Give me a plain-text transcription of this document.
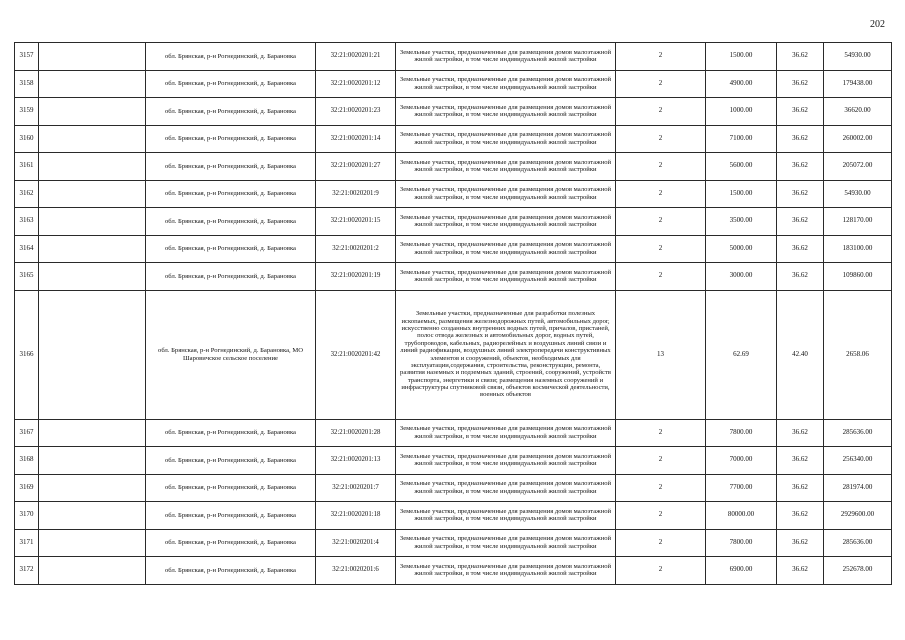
202
3157		обл. Брянская, р-н Рогнединский, д. Барановка	32:21:0020201:21	Земельные участки, предназначенные для размещения домов малоэтажной жилой застройки, в том числе индивидуальной жилой застройки	2	1500.00	36.62	54930.00
3158		обл. Брянская, р-н Рогнединский, д. Барановка	32:21:0020201:12	Земельные участки, предназначенные для размещения домов малоэтажной жилой застройки, в том числе индивидуальной жилой застройки	2	4900.00	36.62	179438.00
3159		обл. Брянская, р-н Рогнединский, д. Барановка	32:21:0020201:23	Земельные участки, предназначенные для размещения домов малоэтажной жилой застройки, в том числе индивидуальной жилой застройки	2	1000.00	36.62	36620.00
3160		обл. Брянская, р-н Рогнединский, д. Барановка	32:21:0020201:14	Земельные участки, предназначенные для размещения домов малоэтажной жилой застройки, в том числе индивидуальной жилой застройки	2	7100.00	36.62	260002.00
3161		обл. Брянская, р-н Рогнединский, д. Барановка	32:21:0020201:27	Земельные участки, предназначенные для размещения домов малоэтажной жилой застройки, в том числе индивидуальной жилой застройки	2	5600.00	36.62	205072.00
3162		обл. Брянская, р-н Рогнединский, д. Барановка	32:21:0020201:9	Земельные участки, предназначенные для размещения домов малоэтажной жилой застройки, в том числе индивидуальной жилой застройки	2	1500.00	36.62	54930.00
3163		обл. Брянская, р-н Рогнединский, д. Барановка	32:21:0020201:15	Земельные участки, предназначенные для размещения домов малоэтажной жилой застройки, в том числе индивидуальной жилой застройки	2	3500.00	36.62	128170.00
3164		обл. Брянская, р-н Рогнединский, д. Барановка	32:21:0020201:2	Земельные участки, предназначенные для размещения домов малоэтажной жилой застройки, в том числе индивидуальной жилой застройки	2	5000.00	36.62	183100.00
3165		обл. Брянская, р-н Рогнединский, д. Барановка	32:21:0020201:19	Земельные участки, предназначенные для размещения домов малоэтажной жилой застройки, в том числе индивидуальной жилой застройки	2	3000.00	36.62	109860.00
3166		обл. Брянская, р-н Рогнединский, д. Барановка, МО Шаровичское сельское поселение	32:21:0020201:42	Земельные участки, предназначенные для разработки полезных ископаемых, размещения железнодорожных путей, автомобильных дорог, искусственно созданных внутренних водных путей, причалов, пристаней, полос отвода железных и автомобильных дорог, водных путей, трубопроводов, кабельных, радиорелейных и воздушных линий связи и линий радиофикации, воздушных линий электропередачи конструктивных элементов и сооружений, объектов, необходимых для эксплуатации,содержания, строительства, реконструкции, ремонта, развития наземных и подземных зданий, строений, сооружений, устройств транспорта, энергетики и связи; размещения наземных сооружений и инфраструктуры спутниковой связи, объектов космической деятельности, военных объектов	13	62.69	42.40	2658.06
3167		обл. Брянская, р-н Рогнединский, д. Барановка	32:21:0020201:28	Земельные участки, предназначенные для размещения домов малоэтажной жилой застройки, в том числе индивидуальной жилой застройки	2	7800.00	36.62	285636.00
3168		обл. Брянская, р-н Рогнединский, д. Барановка	32:21:0020201:13	Земельные участки, предназначенные для размещения домов малоэтажной жилой застройки, в том числе индивидуальной жилой застройки	2	7000.00	36.62	256340.00
3169		обл. Брянская, р-н Рогнединский, д. Барановка	32:21:0020201:7	Земельные участки, предназначенные для размещения домов малоэтажной жилой застройки, в том числе индивидуальной жилой застройки	2	7700.00	36.62	281974.00
3170		обл. Брянская, р-н Рогнединский, д. Барановка	32:21:0020201:18	Земельные участки, предназначенные для размещения домов малоэтажной жилой застройки, в том числе индивидуальной жилой застройки	2	80000.00	36.62	2929600.00
3171		обл. Брянская, р-н Рогнединский, д. Барановка	32:21:0020201:4	Земельные участки, предназначенные для размещения домов малоэтажной жилой застройки, в том числе индивидуальной жилой застройки	2	7800.00	36.62	285636.00
3172		обл. Брянская, р-н Рогнединский, д. Барановка	32:21:0020201:6	Земельные участки, предназначенные для размещения домов малоэтажной жилой застройки, в том числе индивидуальной жилой застройки	2	6900.00	36.62	252678.00
